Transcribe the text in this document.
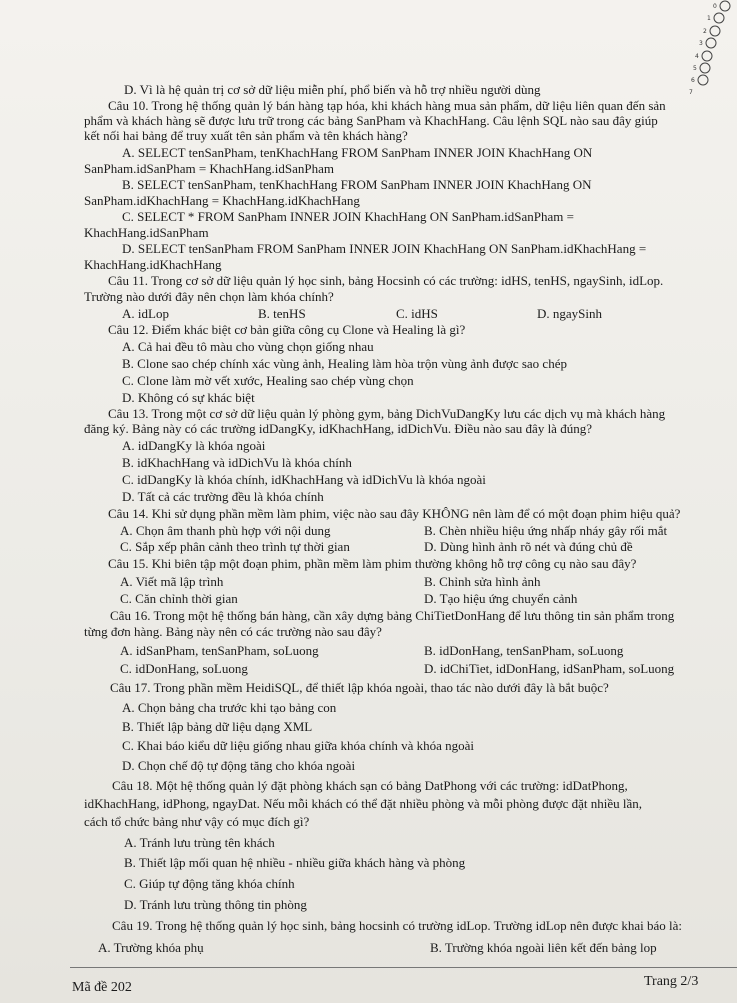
0
1
2
3
4
5
6
7
D. Vì là hệ quản trị cơ sở dữ liệu miễn phí, phổ biến và hỗ trợ nhiều người dùng
Câu 10. Trong hệ thống quản lý bán hàng tạp hóa, khi khách hàng mua sản phẩm, dữ liệu liên quan đến sản
phẩm và khách hàng sẽ được lưu trữ trong các bảng SanPham và KhachHang. Câu lệnh SQL nào sau đây giúp
kết nối hai bảng để truy xuất tên sản phẩm và tên khách hàng?
A. SELECT tenSanPham, tenKhachHang FROM SanPham INNER JOIN KhachHang ON
SanPham.idSanPham = KhachHang.idSanPham
B. SELECT tenSanPham, tenKhachHang FROM SanPham INNER JOIN KhachHang ON
SanPham.idKhachHang = KhachHang.idKhachHang
C. SELECT * FROM SanPham INNER JOIN KhachHang ON SanPham.idSanPham =
KhachHang.idSanPham
D. SELECT tenSanPham FROM SanPham INNER JOIN KhachHang ON SanPham.idKhachHang =
KhachHang.idKhachHang
Câu 11. Trong cơ sở dữ liệu quản lý học sinh, bảng Hocsinh có các trường: idHS, tenHS, ngaySinh, idLop.
Trường nào dưới đây nên chọn làm khóa chính?
A. idLop	B. tenHS	C. idHS	D. ngaySinh
Câu 12. Điểm khác biệt cơ bản giữa công cụ Clone và Healing là gì?
A. Cả hai đều tô màu cho vùng chọn giống nhau
B. Clone sao chép chính xác vùng ảnh, Healing làm hòa trộn vùng ảnh được sao chép
C. Clone làm mờ vết xước, Healing sao chép vùng chọn
D. Không có sự khác biệt
Câu 13. Trong một cơ sở dữ liệu quản lý phòng gym, bảng DichVuDangKy lưu các dịch vụ mà khách hàng
đăng ký. Bảng này có các trường idDangKy, idKhachHang, idDichVu. Điều nào sau đây là đúng?
A. idDangKy là khóa ngoài
B. idKhachHang và idDichVu là khóa chính
C. idDangKy là khóa chính, idKhachHang và idDichVu là khóa ngoài
D. Tất cả các trường đều là khóa chính
Câu 14. Khi sử dụng phần mềm làm phim, việc nào sau đây KHÔNG nên làm để có một đoạn phim hiệu quả?
A. Chọn âm thanh phù hợp với nội dung	B. Chèn nhiều hiệu ứng nhấp nháy gây rối mắt
C. Sắp xếp phân cảnh theo trình tự thời gian	D. Dùng hình ảnh rõ nét và đúng chủ đề
Câu 15. Khi biên tập một đoạn phim, phần mềm làm phim thường không hỗ trợ công cụ nào sau đây?
A. Viết mã lập trình	B. Chỉnh sửa hình ảnh
C. Căn chỉnh thời gian	D. Tạo hiệu ứng chuyển cảnh
Câu 16. Trong một hệ thống bán hàng, cần xây dựng bảng ChiTietDonHang để lưu thông tin sản phẩm trong
từng đơn hàng. Bảng này nên có các trường nào sau đây?
A. idSanPham, tenSanPham, soLuong	B. idDonHang, tenSanPham, soLuong
C. idDonHang, soLuong	D. idChiTiet, idDonHang, idSanPham, soLuong
Câu 17. Trong phần mềm HeidiSQL, để thiết lập khóa ngoài, thao tác nào dưới đây là bắt buộc?
A. Chọn bảng cha trước khi tạo bảng con
B. Thiết lập bảng dữ liệu dạng XML
C. Khai báo kiểu dữ liệu giống nhau giữa khóa chính và khóa ngoài
D. Chọn chế độ tự động tăng cho khóa ngoài
Câu 18. Một hệ thống quản lý đặt phòng khách sạn có bảng DatPhong với các trường: idDatPhong,
idKhachHang, idPhong, ngayDat. Nếu mỗi khách có thể đặt nhiều phòng và mỗi phòng được đặt nhiều lần,
cách tổ chức bảng như vậy có mục đích gì?
A. Tránh lưu trùng tên khách
B. Thiết lập mối quan hệ nhiều - nhiều giữa khách hàng và phòng
C. Giúp tự động tăng khóa chính
D. Tránh lưu trùng thông tin phòng
Câu 19. Trong hệ thống quản lý học sinh, bảng hocsinh có trường idLop. Trường idLop nên được khai báo là:
A. Trường khóa phụ	B. Trường khóa ngoài liên kết đến bảng lop
Mã đề 202	Trang 2/3
